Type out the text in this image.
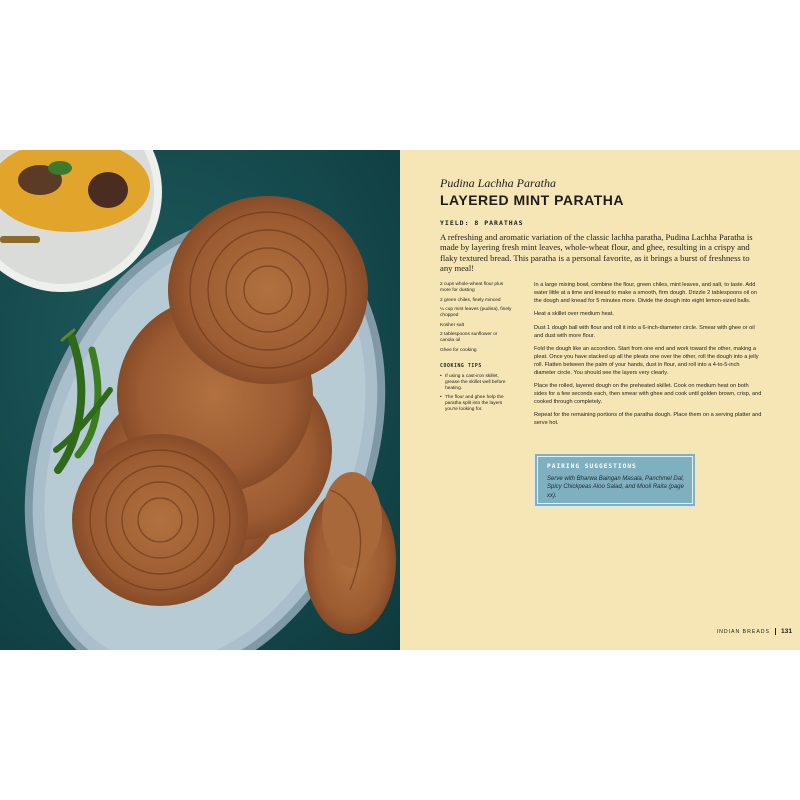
Pudina Lachha Paratha
LAYERED MINT PARATHA
YIELD: 8 PARATHAS
A refreshing and aromatic variation of the classic lachha paratha, Pudina Lachha Paratha is made by layering fresh mint leaves, whole-wheat flour, and ghee, resulting in a crispy and flaky textured bread. This paratha is a personal favorite, as it brings a burst of freshness to any meal!
2 cups whole-wheat flour plus more for dusting
2 green chiles, finely minced
¼ cup mint leaves (pudina), finely chopped
Kosher salt
2 tablespoons sunflower or canola oil
Ghee for cooking
COOKING TIPS
• If using a cast-iron skillet, grease the skillet well before heating.
• The flour and ghee help the paratha split into the layers you're looking for.

In a large mixing bowl, combine the flour, green chiles, mint leaves, and salt, to taste. Add water little at a time and knead to make a smooth, firm dough. Drizzle 2 tablespoons oil on the dough and knead for 5 minutes more. Divide the dough into eight lemon-sized balls.

Heat a skillet over medium heat.

Dust 1 dough ball with flour and roll it into a 6-inch-diameter circle. Smear with ghee or oil and dust with more flour.

Fold the dough like an accordion. Start from one end and work toward the other, making a pleat. Once you have stacked up all the pleats one over the other, roll the dough into a jelly roll. Flatten between the palm of your hands, dust in flour, and roll into a 4-to-5-inch diameter circle. You should see the layers very clearly.

Place the rolled, layered dough on the preheated skillet. Cook on medium heat on both sides for a few seconds each, then smear with ghee and cook until golden brown, crisp, and cooked through completely.

Repeat for the remaining portions of the paratha dough. Place them on a serving platter and serve hot.

PAIRING SUGGESTIONS
Serve with Bharwa Baingan Masala, Panchmel Dal, Spicy Chickpeas Aloo Salad, and Mooli Raita (page xx).
INDIAN BREADS 131
